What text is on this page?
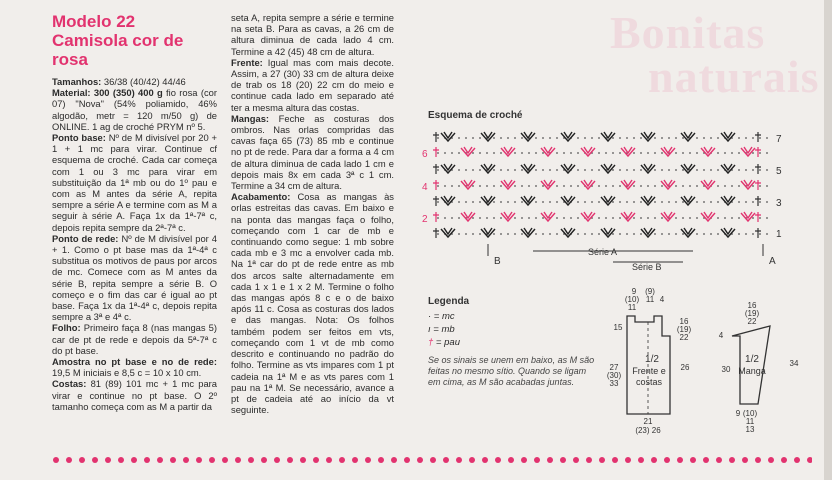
Bonitas
naturais
Modelo 22
Camisola cor de
rosa

Tamanhos: 36/38 (40/42) 44/46

Material: 300 (350) 400 g fio rosa (cor 07) "Nova" (54% poliamido, 46% algodão, metr = 120 m/50 g) de ONLINE. 1 ag de croché PRYM nº 5.

Ponto base: Nº de M divisível por 20 + 1 + 1 mc para virar. Continue cf esquema de croché. Cada car começa com 1 ou 3 mc para virar em substituição da 1ª mb ou do 1º pau e com as M antes da série A, repita sempre a série A e termine com as M a seguir à série A. Faça 1x da 1ª-7ª c, depois repita sempre da 2ª-7ª c.

Ponto de rede: Nº de M divisível por 4 + 1. Como o pt base mas da 1ª-4ª c substitua os motivos de paus por arcos de mc. Comece com as M antes da série B, repita sempre a série B. O começo e o fim das car é igual ao pt base. Faça 1x da 1ª-4ª c, depois repita sempre a 3ª e 4ª c.

Folho: Primeiro faça 8 (nas mangas 5) car de pt de rede e depois da 5ª-7ª c do pt base.

Amostra no pt base e no de rede: 19,5 M iniciais e 8,5 c = 10 x 10 cm.

Costas: 81 (89) 101 mc + 1 mc para virar e continue no pt base. O 2º tamanho começa com as M a partir da

seta A, repita sempre a série e termine na seta B. Para as cavas, a 26 cm de altura diminua de cada lado 4 cm. Termine a 42 (45) 48 cm de altura.

Frente: Igual mas com mais decote. Assim, a 27 (30) 33 cm de altura deixe de trab os 18 (20) 22 cm do meio e continue cada lado em separado até ter a mesma altura das costas.

Mangas: Feche as costuras dos ombros. Nas orlas compridas das cavas faça 65 (73) 85 mb e continue no pt de rede. Para dar a forma a 4 cm de altura diminua de cada lado 1 cm e depois mais 8x em cada 3ª c 1 cm. Termine a 34 cm de altura.

Acabamento: Cosa as mangas às orlas estreitas das cavas. Em baixo e na ponta das mangas faça o folho, começando com 1 car de mb e continuando como segue: 1 mb sobre cada mb e 3 mc a envolver cada mb. Na 1ª car do pt de rede entre as mb dos arcos salte alternadamente em cada 1 x 1 e 1 x 2 M. Termine o folho das mangas após 8 c e o de baixo após 11 c. Cosa as costuras dos lados e das mangas. Nota: Os folhos também podem ser feitos em vts, começando com 1 vt de mb como descrito e continuando no padrão do folho. Termine as vts impares com 1 pt cadeia na 1ª M e as vts pares com 1 pau na 1ª M. Se necessário, avance a pt de cadeia até ao início da vt seguinte.

Esquema de croché
6
4
2
7
5
3
1
B	A
Série A
Série B
Legenda
· = mc
ı = mb
† = pau
Se os sinais se unem em baixo, as M são feitas no mesmo sítio. Quando se ligam em cima, as M são acabadas juntas.
9
(10)
11
(9)
11 4
15
27
(30)
33
16
(19)
22
26
21
(23) 26
1/2
Frente e
costas
16
(19)
22
4
34
30
9 (10)
11
13
1/2
Manga
